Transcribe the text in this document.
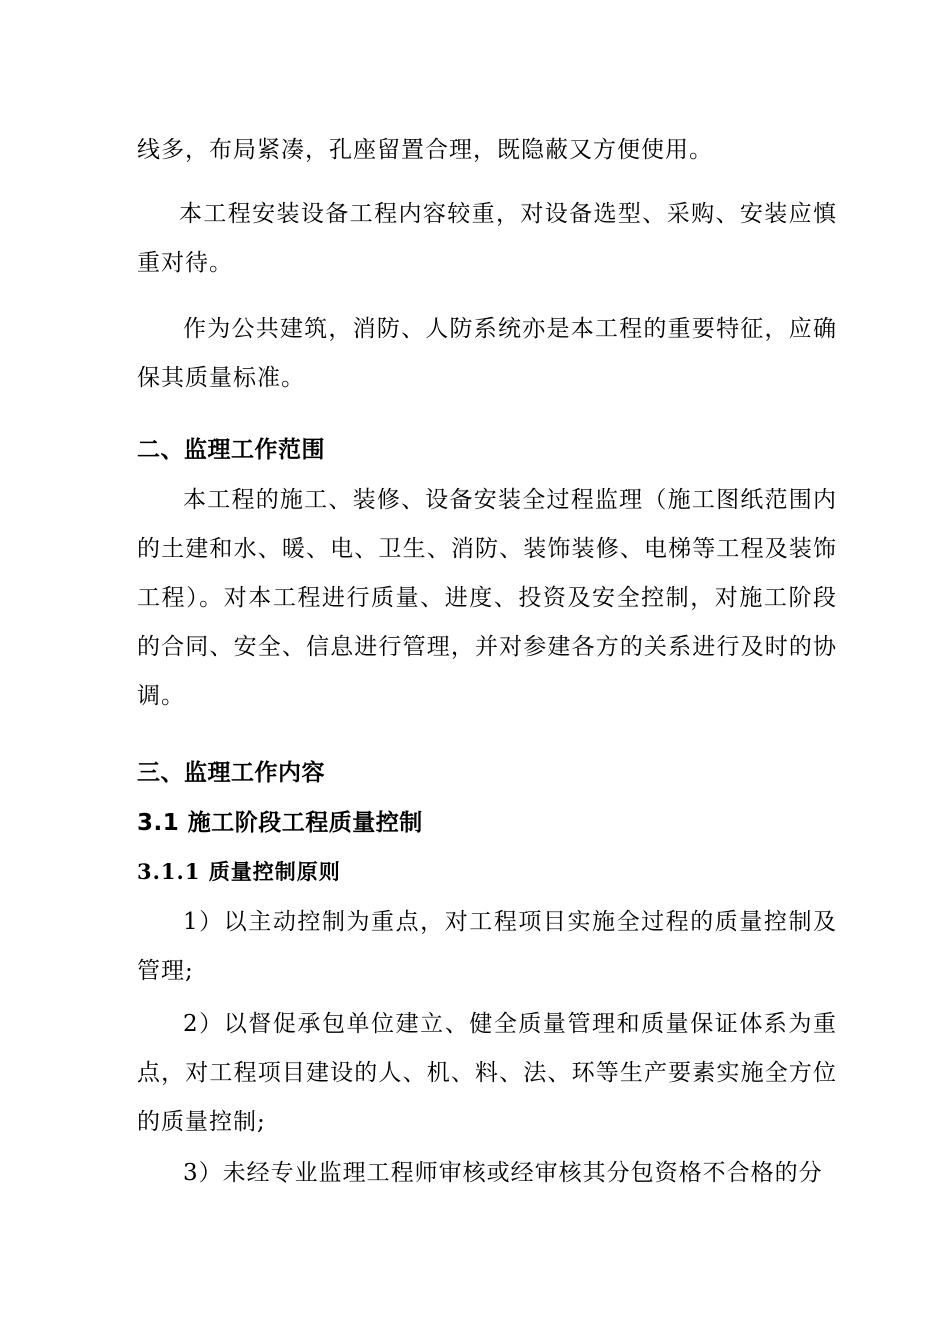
线多，布局紧凑，孔座留置合理，既隐蔽又方便使用。

本工程安装设备工程内容较重，对设备选型、采购、安装应慎重对待。

作为公共建筑，消防、人防系统亦是本工程的重要特征，应确保其质量标准。

二、监理工作范围

本工程的施工、装修、设备安装全过程监理（施工图纸范围内的土建和水、暖、电、卫生、消防、装饰装修、电梯等工程及装饰工程）。对本工程进行质量、进度、投资及安全控制，对施工阶段的合同、安全、信息进行管理，并对参建各方的关系进行及时的协调。

三、监理工作内容
3.1 施工阶段工程质量控制
3.1.1 质量控制原则

1）以主动控制为重点，对工程项目实施全过程的质量控制及管理;

2）以督促承包单位建立、健全质量管理和质量保证体系为重点，对工程项目建设的人、机、料、法、环等生产要素实施全方位的质量控制;

3）未经专业监理工程师审核或经审核其分包资格不合格的分
